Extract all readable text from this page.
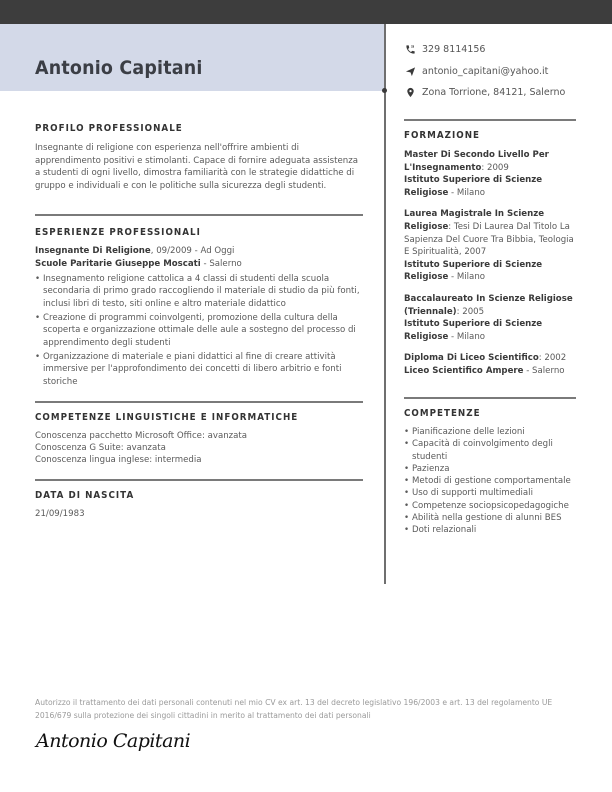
Antonio Capitani
329 8114156
antonio_capitani@yahoo.it
Zona Torrione, 84121, Salerno
PROFILO PROFESSIONALE
Insegnante di religione con esperienza nell'offrire ambienti di apprendimento positivi e stimolanti. Capace di fornire adeguata assistenza a studenti di ogni livello, dimostra familiarità con le strategie didattiche di gruppo e individuali e con le politiche sulla sicurezza degli studenti.
ESPERIENZE PROFESSIONALI
Insegnante Di Religione, 09/2009 - Ad Oggi
Scuole Paritarie Giuseppe Moscati - Salerno
• Insegnamento religione cattolica a 4 classi di studenti della scuola secondaria di primo grado raccogliendo il materiale di studio da più fonti, inclusi libri di testo, siti online e altro materiale didattico
• Creazione di programmi coinvolgenti, promozione della cultura della scoperta e organizzazione ottimale delle aule a sostegno del processo di apprendimento degli studenti
• Organizzazione di materiale e piani didattici al fine di creare attività immersive per l'approfondimento dei concetti di libero arbitrio e fonti storiche
COMPETENZE LINGUISTICHE E INFORMATICHE
Conoscenza pacchetto Microsoft Office: avanzata
Conoscenza G Suite: avanzata
Conoscenza lingua inglese: intermedia
DATA DI NASCITA
21/09/1983
FORMAZIONE
Master Di Secondo Livello Per L'Insegnamento: 2009
Istituto Superiore di Scienze Religiose - Milano
Laurea Magistrale In Scienze Religiose: Tesi Di Laurea Dal Titolo La Sapienza Del Cuore Tra Bibbia, Teologia E Spiritualità, 2007
Istituto Superiore di Scienze Religiose - Milano
Baccalaureato In Scienze Religiose (Triennale): 2005
Istituto Superiore di Scienze Religiose - Milano
Diploma Di Liceo Scientifico: 2002
Liceo Scientifico Ampere - Salerno
COMPETENZE
• Pianificazione delle lezioni
• Capacità di coinvolgimento degli studenti
• Pazienza
• Metodi di gestione comportamentale
• Uso di supporti multimediali
• Competenze sociopsicopedagogiche
• Abilità nella gestione di alunni BES
• Doti relazionali
Autorizzo il trattamento dei dati personali contenuti nel mio CV ex art. 13 del decreto legislativo 196/2003 e art. 13 del regolamento UE 2016/679 sulla protezione dei singoli cittadini in merito al trattamento dei dati personali
Antonio Capitani
